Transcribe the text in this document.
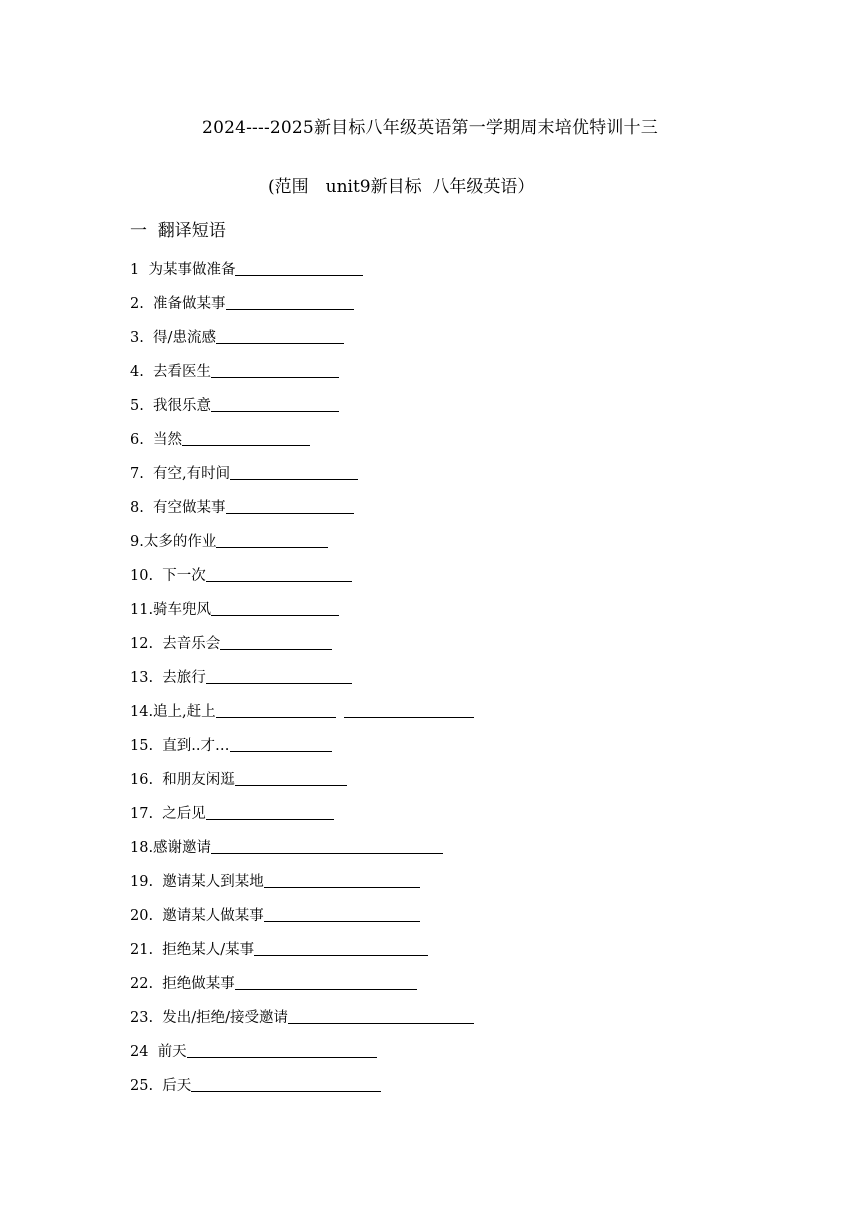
2024----2025新目标八年级英语第一学期周末培优特训十三
(范围　unit9新目标  八年级英语）
一  翻译短语
1  为某事做准备
2.  准备做某事
3.  得/患流感
4.  去看医生
5.  我很乐意
6.  当然
7.  有空,有时间
8.  有空做某事
9.太多的作业
10.  下一次
11.骑车兜风
12.  去音乐会
13.  去旅行
14.追上,赶上
15.  直到..才…
16.  和朋友闲逛
17.  之后见
18.感谢邀请
19.  邀请某人到某地
20.  邀请某人做某事
21.  拒绝某人/某事
22.  拒绝做某事
23.  发出/拒绝/接受邀请
24  前天
25.  后天
